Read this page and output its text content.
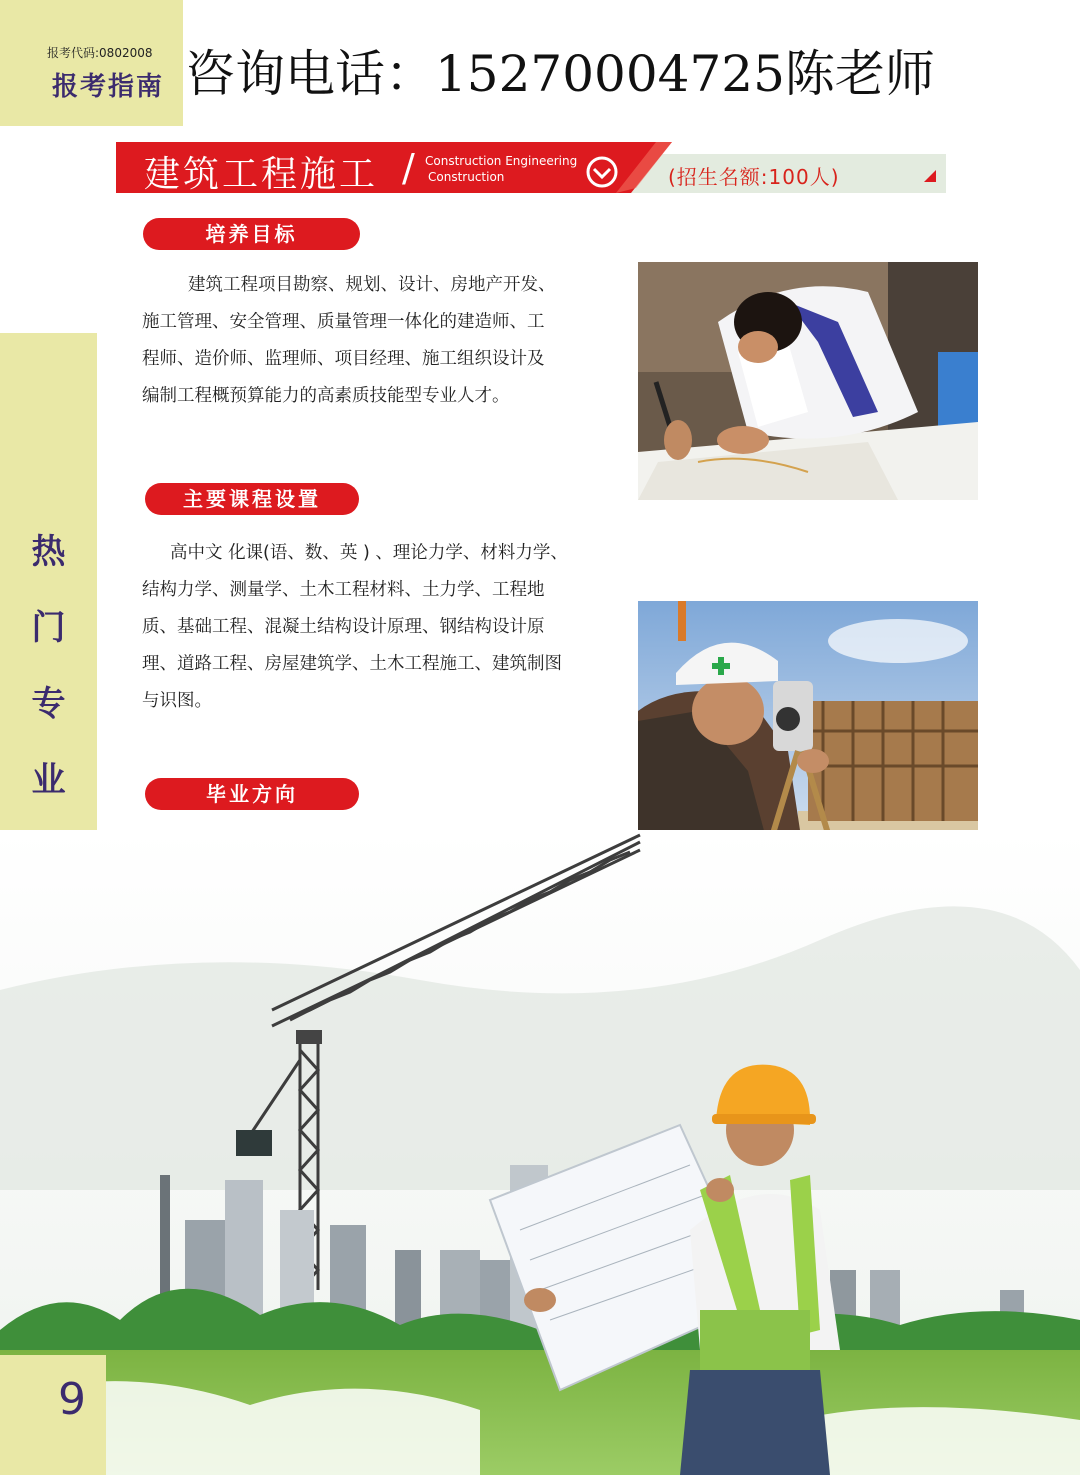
报考代码:0802008
报考指南 咨询电话：15270004725陈老师
热
门
专
业
建筑工程施工 / Construction Engineering
Construction	(招生名额:100人)
培养目标
建筑工程项目勘察、规划、设计、房地产开发、
施工管理、安全管理、质量管理一体化的建造师、工
程师、造价师、监理师、项目经理、施工组织设计及
编制工程概预算能力的高素质技能型专业人才。
主要课程设置
高中文 化课(语、数、英 ) 、理论力学、材料力学、
结构力学、测量学、土木工程材料、土力学、工程地
质、基础工程、混凝土结构设计原理、钢结构设计原
理、道路工程、房屋建筑学、土木工程施工、建筑制图
与识图。
毕业方向
9
